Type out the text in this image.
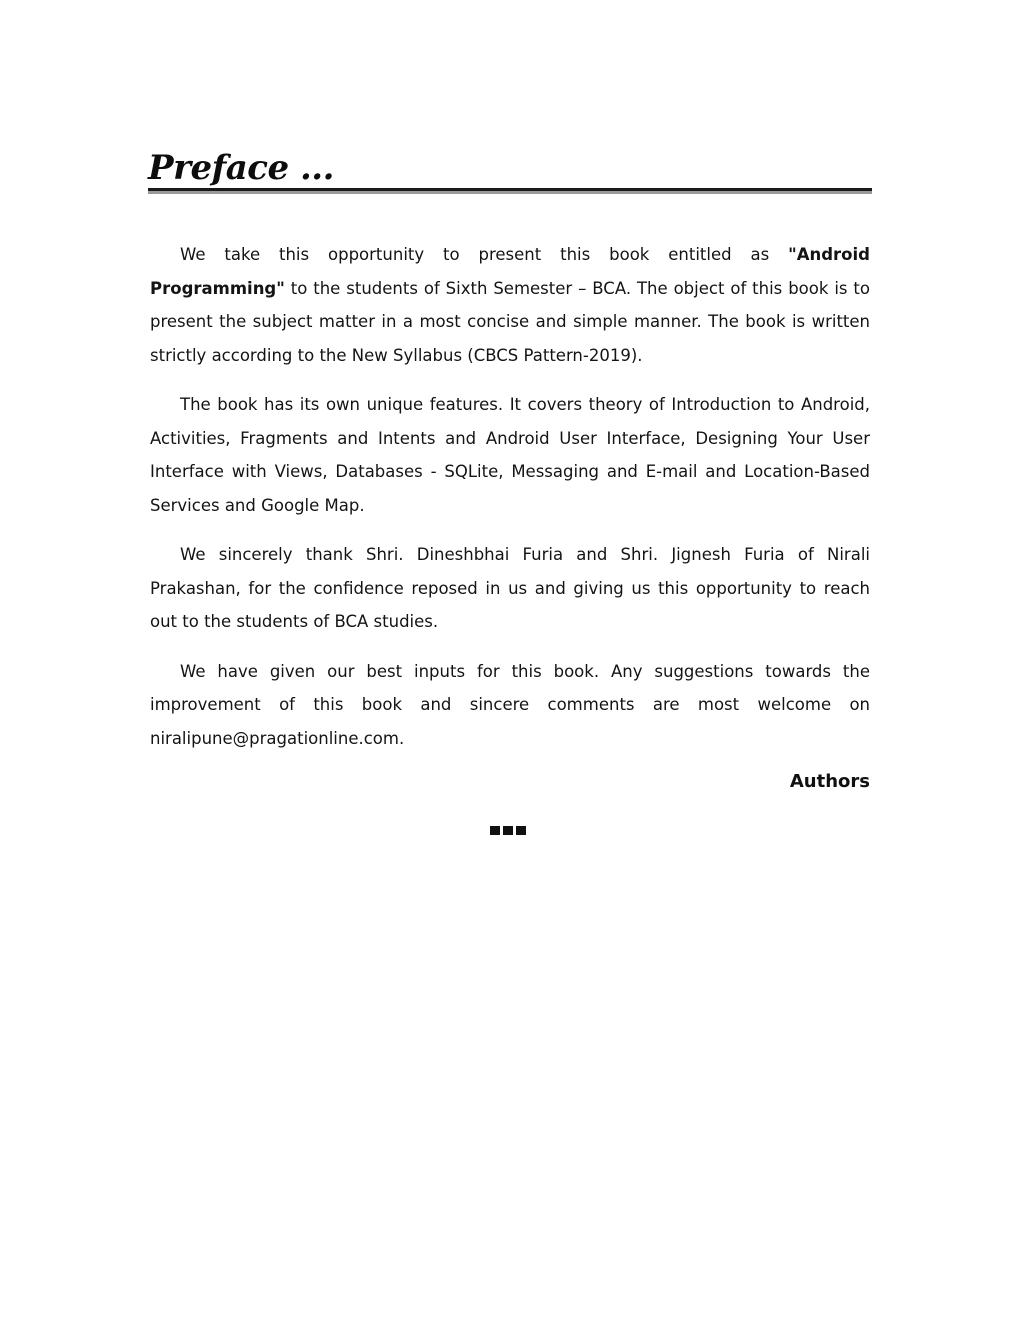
Preface ...

We take this opportunity to present this book entitled as "Android Programming" to the students of Sixth Semester – BCA. The object of this book is to present the subject matter in a most concise and simple manner. The book is written strictly according to the New Syllabus (CBCS Pattern-2019).

The book has its own unique features. It covers theory of Introduction to Android, Activities, Fragments and Intents and Android User Interface, Designing Your User Interface with Views, Databases - SQLite, Messaging and E-mail and Location-Based Services and Google Map.

We sincerely thank Shri. Dineshbhai Furia and Shri. Jignesh Furia of Nirali Prakashan, for the confidence reposed in us and giving us this opportunity to reach out to the students of BCA studies.

We have given our best inputs for this book. Any suggestions towards the improvement of this book and sincere comments are most welcome on niralipune@pragationline.com.

Authors
